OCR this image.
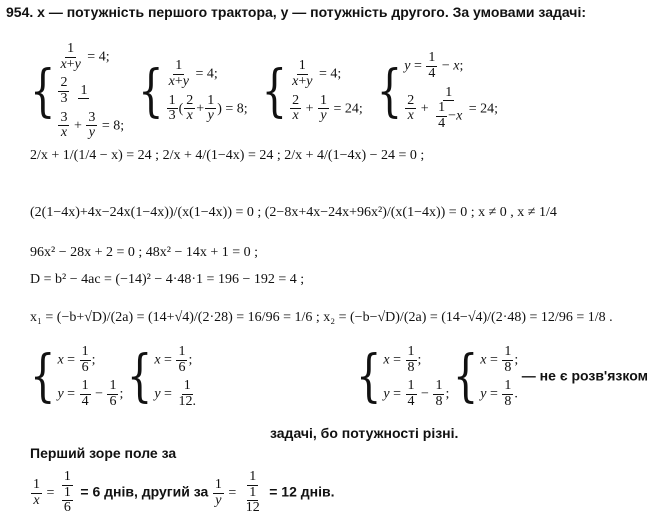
954. x — потужність першого трактора, y — потужність другого. За умовами задачі:
{
$\frac{1}{x+y} = 4$;
$\frac{2}{3}$
1
$\frac{3}{x} + \frac{3}{y} = 8$;

{ $\frac{1}{x+y} = 4$;
$\frac{1}{3}$ ( $\frac{2}{x} + \frac{1}{y}$ ) = 8;
{ $\frac{1}{x+y} = 4$;
$\frac{2}{x} + \frac{1}{y} = 24$;
{ $y = \frac{1}{4} - x$;
$\frac{2}{x} + \frac{1}{\frac{1}{4} -x} = 24$;
2/x + 1/(1/4 − x) = 24 ; 2/x + 4/(1−4x) = 24 ; 2/x + 4/(1−4x) − 24 = 0 ;
(2(1−4x)+4x−24x(1−4x))/(x(1−4x)) = 0 ; (2−8x+4x−24x+96x²)/(x(1−4x)) = 0 ; x ≠ 0 , x ≠ 1/4
96x² − 28x + 2 = 0 ; 48x² − 14x + 1 = 0 ;
D = b² − 4ac = (−14)² − 4·48·1 = 196 − 192 = 4 ;
x₁ = (−b+√D)/(2a) = (14+√4)/(2·28) = 16/96 = 1/6 ; x₂ = (−b−√D)/(2a) = (14−√4)/(2·48) = 12/96 = 1/8 .
{ $x = \frac{1}{6}$ ;
$y = \frac{1}{4} - \frac{1}{6}$ ;
{ $x = \frac{1}{6}$ ;
$y = \frac{1}{12.}$
	{ $x = \frac{1}{8}$ ;
$y = \frac{1}{4} - \frac{1}{8}$ ;
{ $x = \frac{1}{8}$ ;
$y = \frac{1}{8}$ .
— не є розв'язком
задачі, бо потужності різні.
Перший зоре поле за
$\frac{1}{x} = \frac{1}{\frac{1}{6}} = 6$ днів, другий за $\frac{1}{y} = \frac{1}{\frac{1}{12}} = 12$ днів.
